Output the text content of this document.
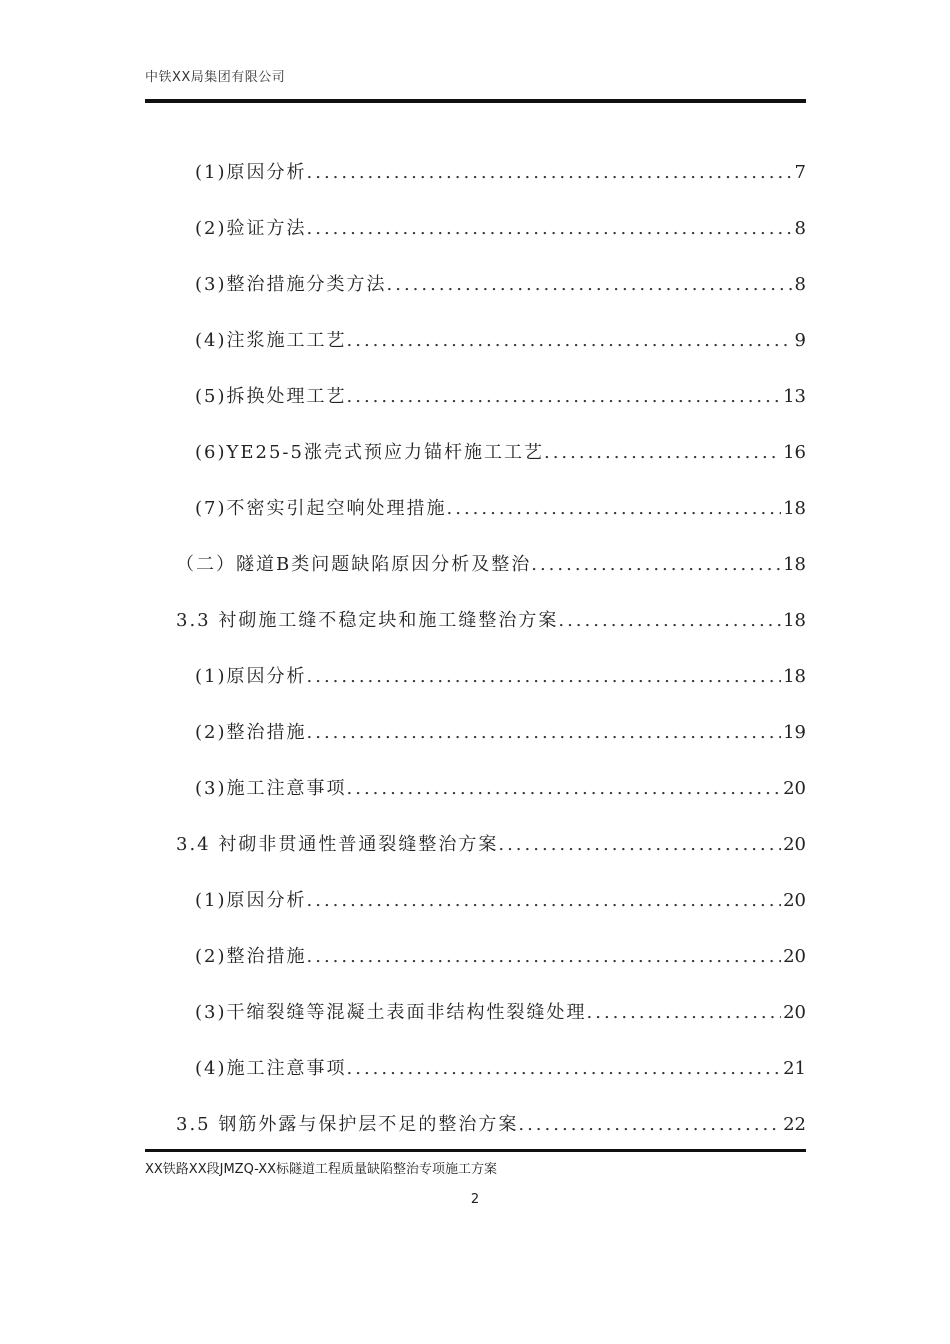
中铁XX局集团有限公司
(1)原因分析 .....	7
(2)验证方法 .....	8
(3)整治措施分类方法 .....	8
(4)注浆施工工艺 .....	9
(5)拆换处理工艺 .....	13
(6)YE25-5涨壳式预应力锚杆施工工艺 .....	16
(7)不密实引起空响处理措施 .....	18
（二）隧道B类问题缺陷原因分析及整治 .....	18
3.3 衬砌施工缝不稳定块和施工缝整治方案 .....	18
(1)原因分析 .....	18
(2)整治措施 .....	19
(3)施工注意事项 .....	20
3.4 衬砌非贯通性普通裂缝整治方案 .....	20
(1)原因分析 .....	20
(2)整治措施 .....	20
(3)干缩裂缝等混凝土表面非结构性裂缝处理 .....	20
(4)施工注意事项 .....	21
3.5 钢筋外露与保护层不足的整治方案 .....	22
XX铁路XX段JMZQ-XX标隧道工程质量缺陷整治专项施工方案
2
